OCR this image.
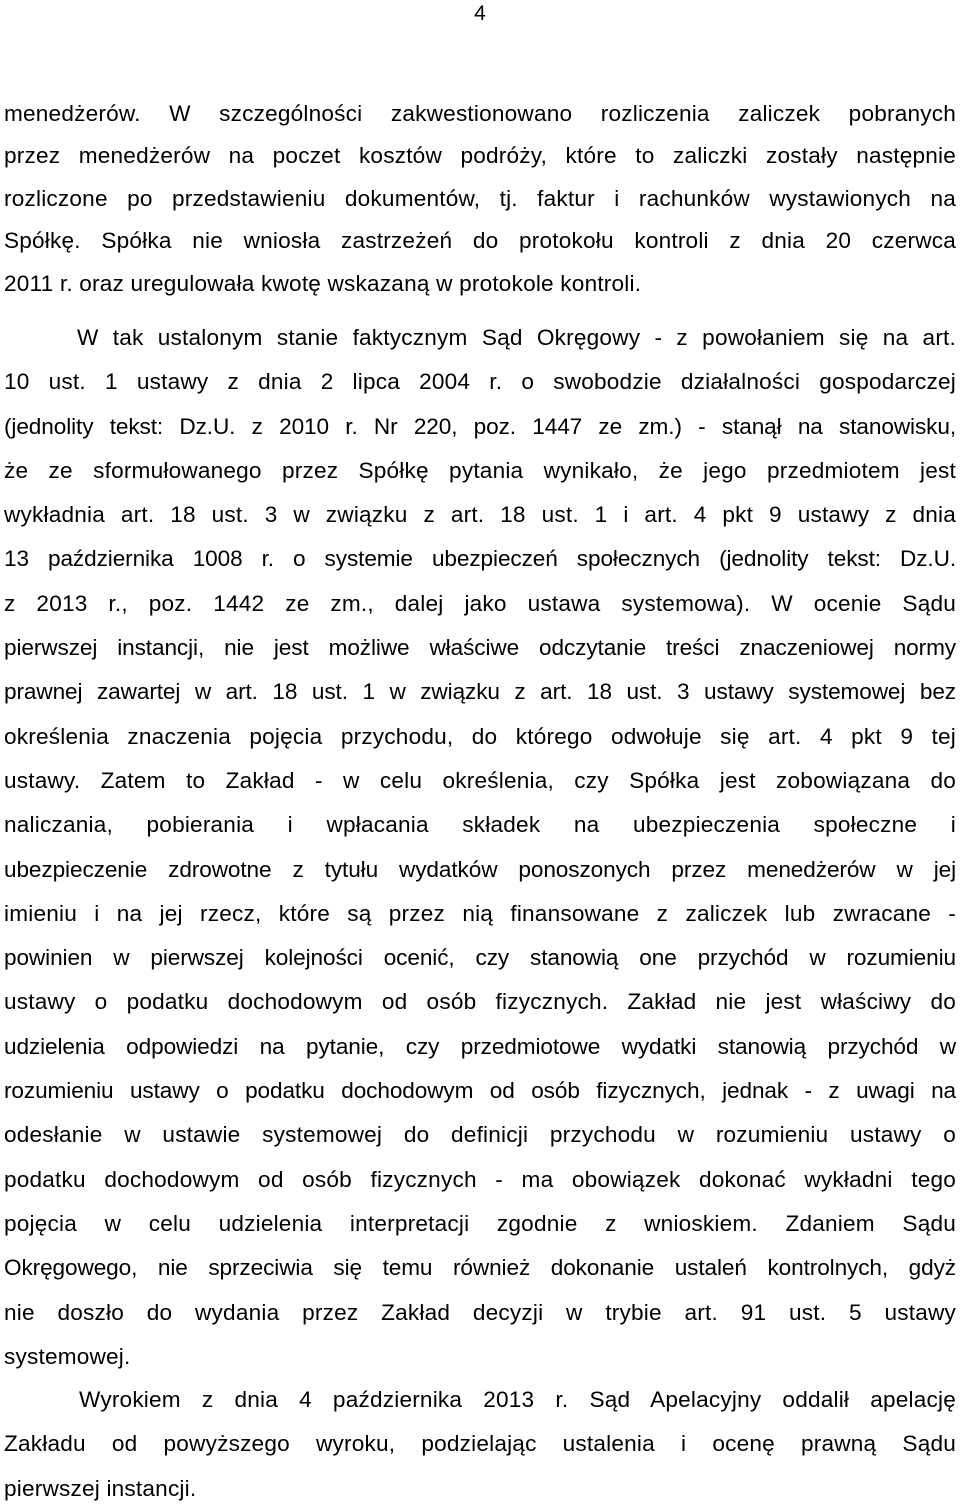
4
menedżerów. W szczególności zakwestionowano rozliczenia zaliczek pobranych
przez menedżerów na poczet kosztów podróży, które to zaliczki zostały następnie
rozliczone po przedstawieniu dokumentów, tj. faktur i rachunków wystawionych na
Spółkę. Spółka nie wniosła zastrzeżeń do protokołu kontroli z dnia 20 czerwca
2011 r. oraz uregulowała kwotę wskazaną w protokole kontroli.
W tak ustalonym stanie faktycznym Sąd Okręgowy - z powołaniem się na art.
10 ust. 1 ustawy z dnia 2 lipca 2004 r. o swobodzie działalności gospodarczej
(jednolity tekst: Dz.U. z 2010 r. Nr 220, poz. 1447 ze zm.) - stanął na stanowisku,
że ze sformułowanego przez Spółkę pytania wynikało, że jego przedmiotem jest
wykładnia art. 18 ust. 3 w związku z art. 18 ust. 1 i art. 4 pkt 9 ustawy z dnia
13 października 1008 r. o systemie ubezpieczeń społecznych (jednolity tekst: Dz.U.
z 2013 r., poz. 1442 ze zm., dalej jako ustawa systemowa). W ocenie Sądu
pierwszej instancji, nie jest możliwe właściwe odczytanie treści znaczeniowej normy
prawnej zawartej w art. 18 ust. 1 w związku z art. 18 ust. 3 ustawy systemowej bez
określenia znaczenia pojęcia przychodu, do którego odwołuje się art. 4 pkt 9 tej
ustawy. Zatem to Zakład - w celu określenia, czy Spółka jest zobowiązana do
naliczania, pobierania i wpłacania składek na ubezpieczenia społeczne i
ubezpieczenie zdrowotne z tytułu wydatków ponoszonych przez menedżerów w jej
imieniu i na jej rzecz, które są przez nią finansowane z zaliczek lub zwracane -
powinien w pierwszej kolejności ocenić, czy stanowią one przychód w rozumieniu
ustawy o podatku dochodowym od osób fizycznych. Zakład nie jest właściwy do
udzielenia odpowiedzi na pytanie, czy przedmiotowe wydatki stanowią przychód w
rozumieniu ustawy o podatku dochodowym od osób fizycznych, jednak - z uwagi na
odesłanie w ustawie systemowej do definicji przychodu w rozumieniu ustawy o
podatku dochodowym od osób fizycznych - ma obowiązek dokonać wykładni tego
pojęcia w celu udzielenia interpretacji zgodnie z wnioskiem. Zdaniem Sądu
Okręgowego, nie sprzeciwia się temu również dokonanie ustaleń kontrolnych, gdyż
nie doszło do wydania przez Zakład decyzji w trybie art. 91 ust. 5 ustawy
systemowej.
Wyrokiem z dnia 4 października 2013 r. Sąd Apelacyjny oddalił apelację
Zakładu od powyższego wyroku, podzielając ustalenia i ocenę prawną Sądu
pierwszej instancji.
